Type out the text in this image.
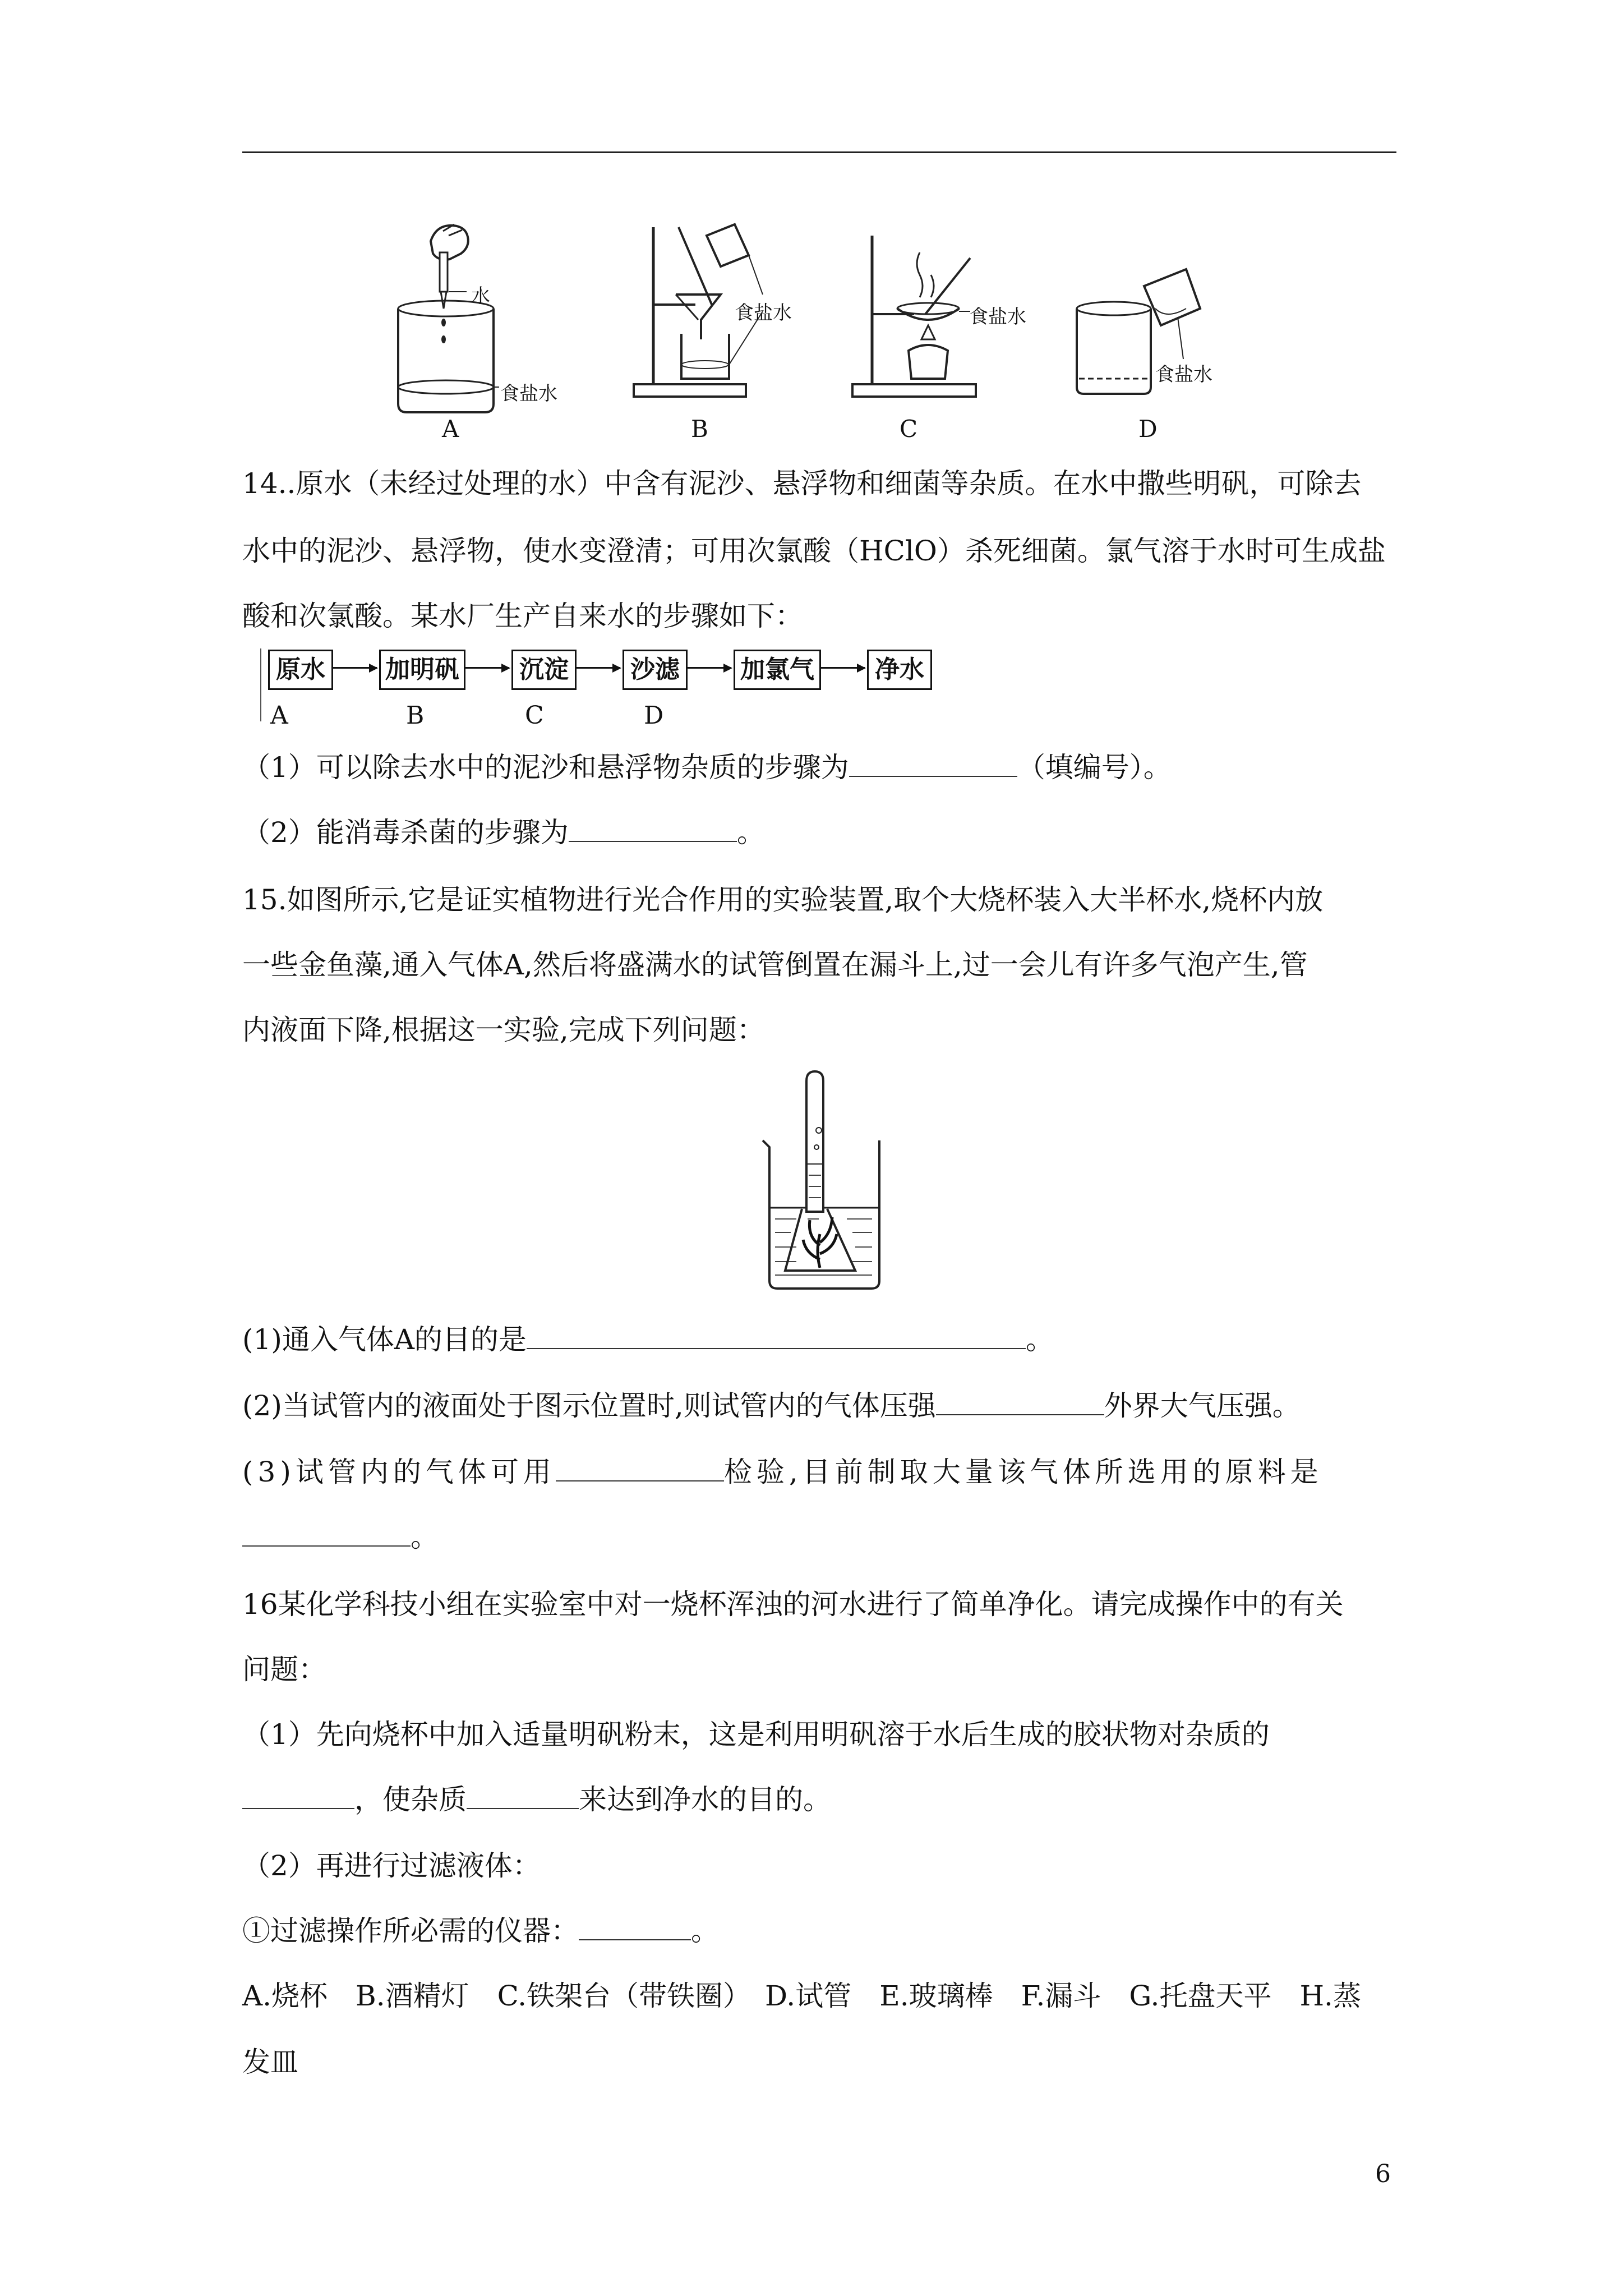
水
食盐水
A
食盐水
B
食盐水
C
食盐水
D
14..原水（未经过处理的水）中含有泥沙、悬浮物和细菌等杂质。在水中撒些明矾，可除去
水中的泥沙、悬浮物，使水变澄清；可用次氯酸（HClO）杀死细菌。氯气溶于水时可生成盐
酸和次氯酸。某水厂生产自来水的步骤如下：
原水	加明矾	沉淀	沙滤	加氯气	净水
A	B	C	D
（1）可以除去水中的泥沙和悬浮物杂质的步骤为	（填编号）。
（2）能消毒杀菌的步骤为	。
15.如图所示,它是证实植物进行光合作用的实验装置,取个大烧杯装入大半杯水,烧杯内放
一些金鱼藻,通入气体A,然后将盛满水的试管倒置在漏斗上,过一会儿有许多气泡产生,管
内液面下降,根据这一实验,完成下列问题：
(1)通入气体A的目的是	。
(2)当试管内的液面处于图示位置时,则试管内的气体压强	外界大气压强。
(3)试管内的气体可用	检验,目前制取大量该气体所选用的原料是
。
16某化学科技小组在实验室中对一烧杯浑浊的河水进行了简单净化。请完成操作中的有关
问题：
（1）先向烧杯中加入适量明矾粉末，这是利用明矾溶于水后生成的胶状物对杂质的
，使杂质	来达到净水的目的。
（2）再进行过滤液体：
①过滤操作所必需的仪器：	。
A.烧杯　B.酒精灯　C.铁架台（带铁圈）　D.试管　E.玻璃棒　F.漏斗　G.托盘天平　H.蒸
发皿
6
